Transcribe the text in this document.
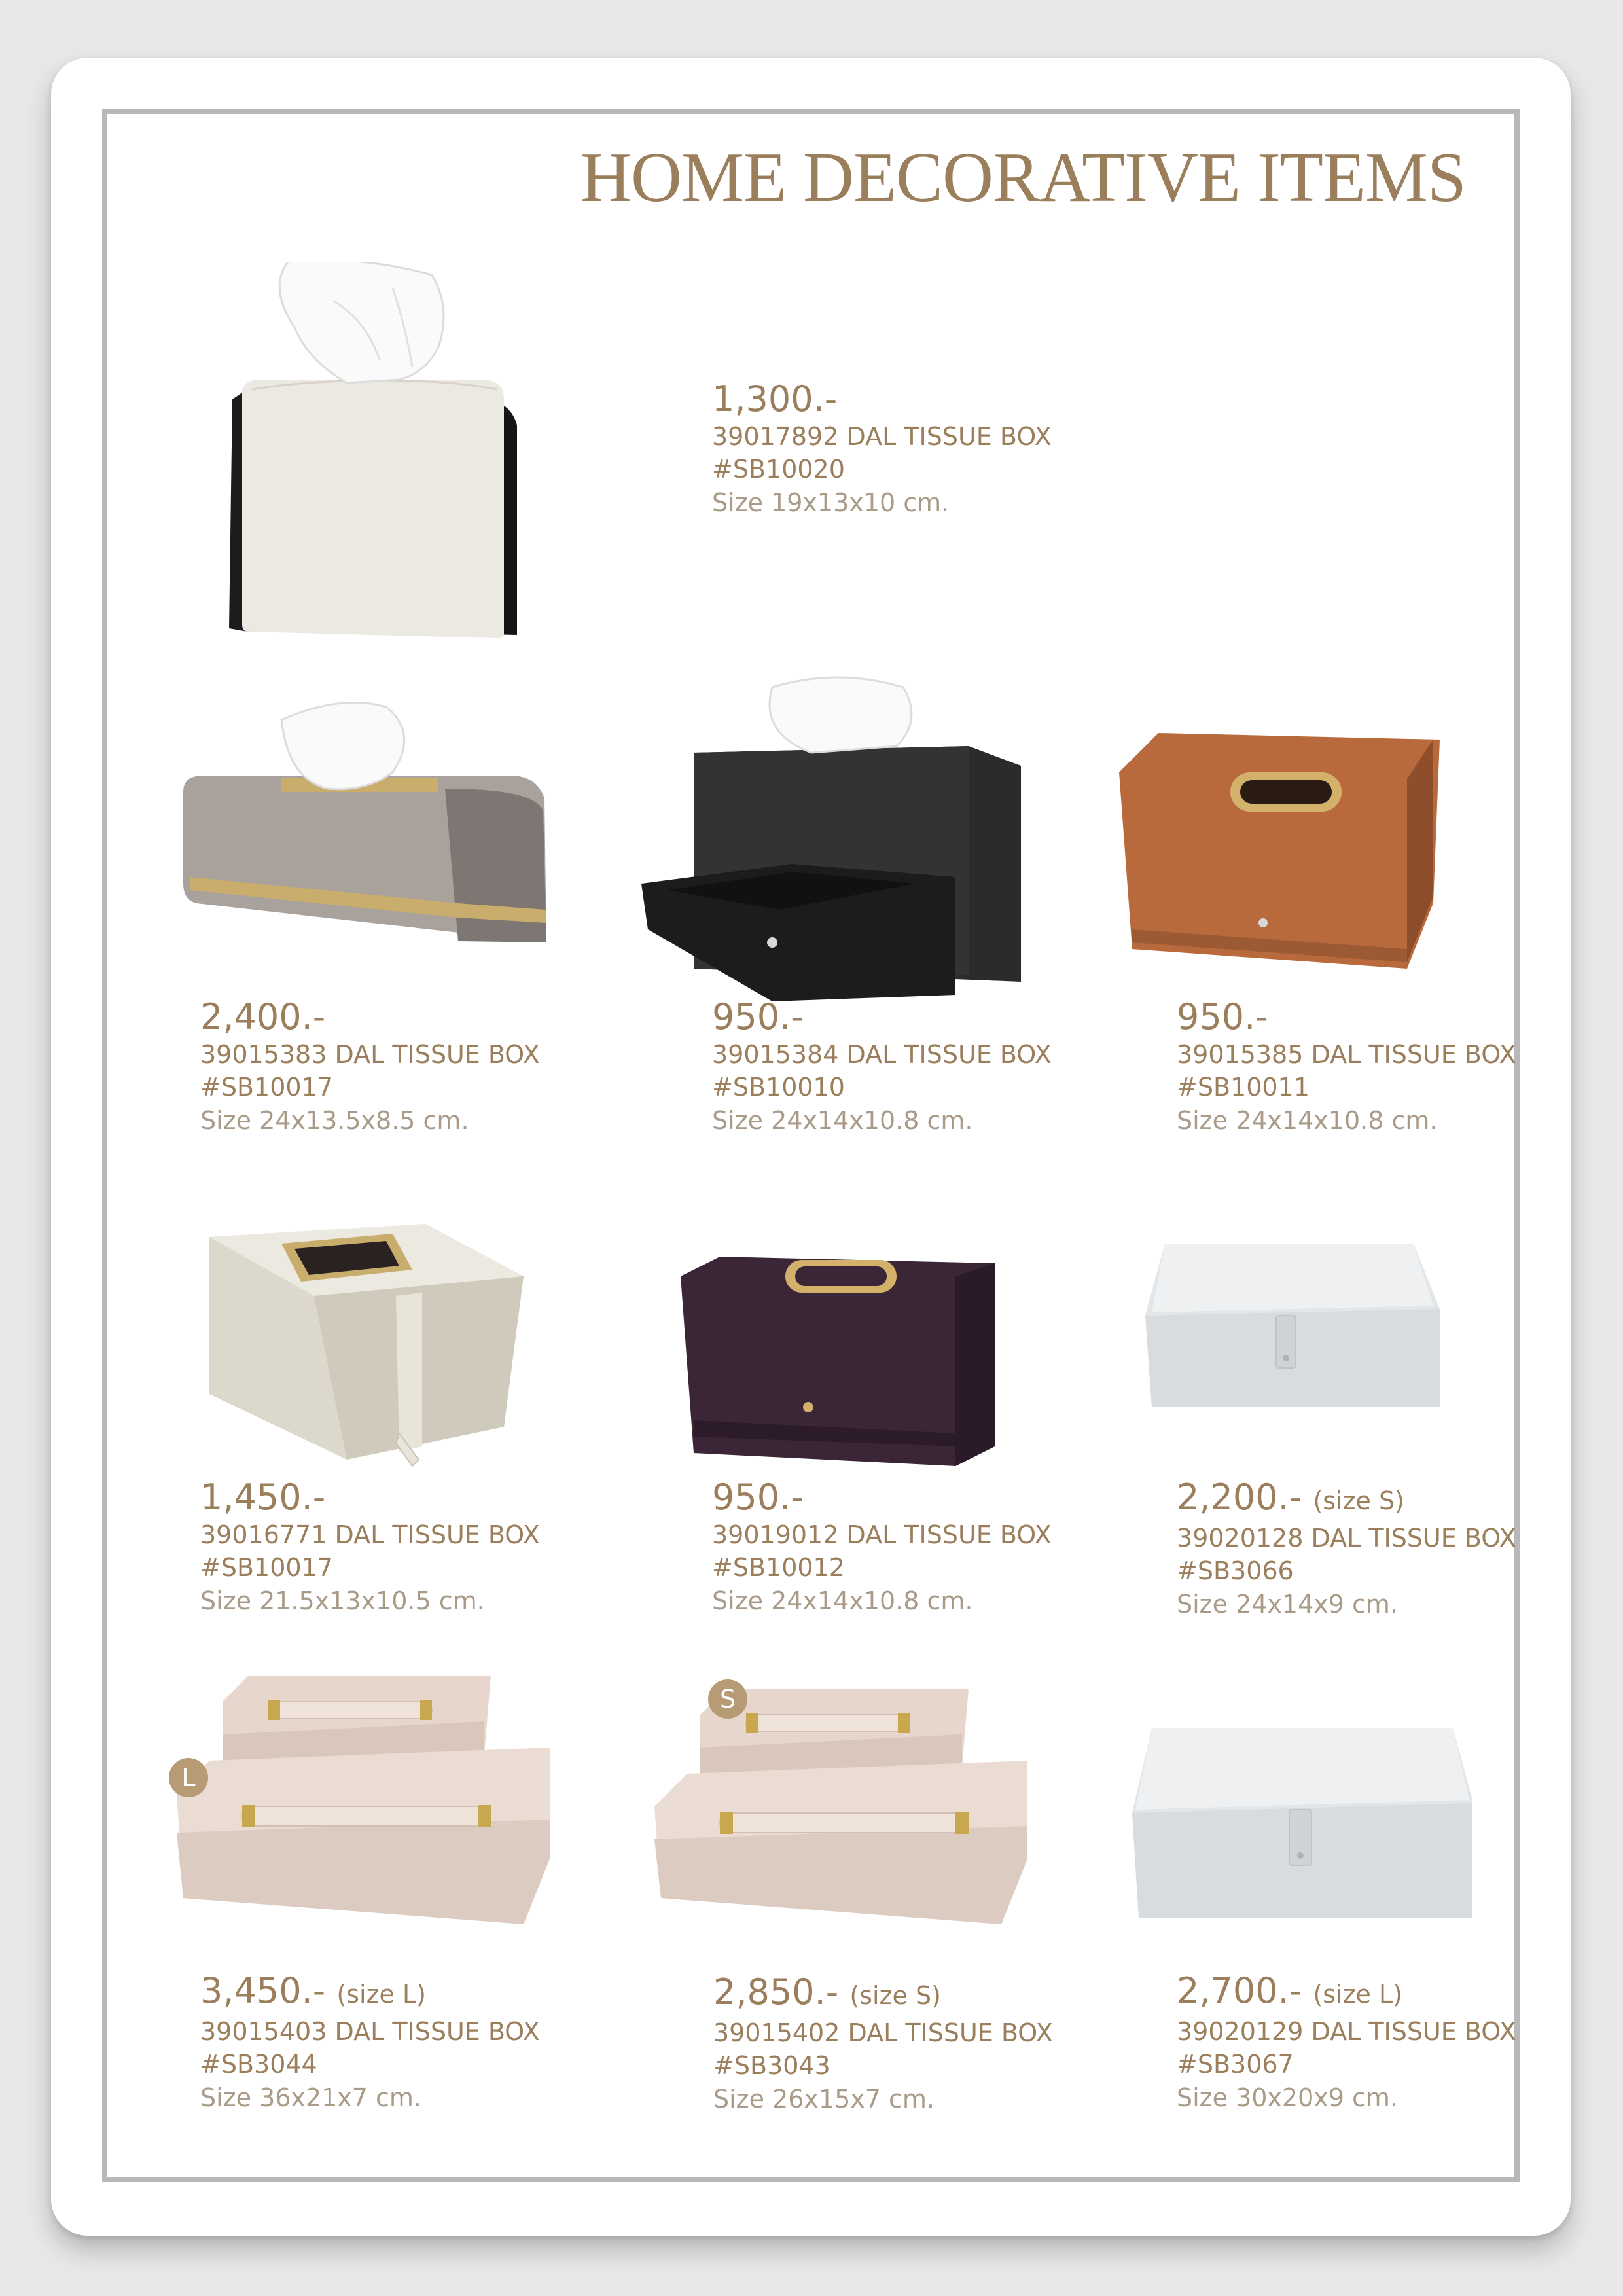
HOME DECORATIVE ITEMS
1,300.-
39017892 DAL TISSUE BOX
#SB10020
Size 19x13x10 cm.
2,400.-
39015383 DAL TISSUE BOX
#SB10017
Size 24x13.5x8.5 cm.
950.-
39015384 DAL TISSUE BOX
#SB10010
Size 24x14x10.8 cm.
950.-
39015385 DAL TISSUE BOX
#SB10011
Size 24x14x10.8 cm.
1,450.-
39016771 DAL TISSUE BOX
#SB10017
Size 21.5x13x10.5 cm.
950.-
39019012 DAL TISSUE BOX
#SB10012
Size 24x14x10.8 cm.
2,200.- (size S)
39020128 DAL TISSUE BOX
#SB3066
Size 24x14x9 cm.
L
3,450.- (size L)
39015403 DAL TISSUE BOX
#SB3044
Size 36x21x7 cm.
S
2,850.- (size S)
39015402 DAL TISSUE BOX
#SB3043
Size 26x15x7 cm.
2,700.- (size L)
39020129 DAL TISSUE BOX
#SB3067
Size 30x20x9 cm.
